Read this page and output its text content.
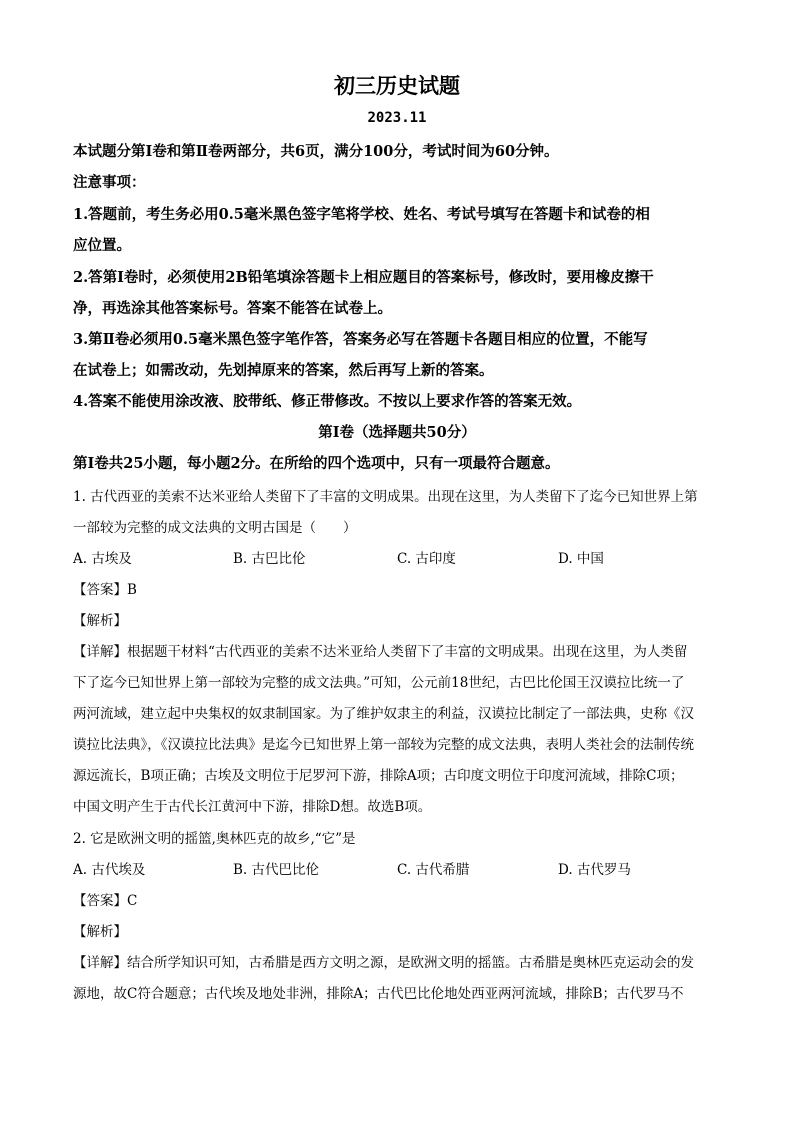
初三历史试题
2023.11
本试题分第Ⅰ卷和第Ⅱ卷两部分，共6页，满分100分，考试时间为60分钟。
注意事项：
1.答题前，考生务必用0.5毫米黑色签字笔将学校、姓名、考试号填写在答题卡和试卷的相
应位置。
2.答第Ⅰ卷时，必须使用2B铅笔填涂答题卡上相应题目的答案标号，修改时，要用橡皮擦干
净，再选涂其他答案标号。答案不能答在试卷上。
3.第Ⅱ卷必须用0.5毫米黑色签字笔作答，答案务必写在答题卡各题目相应的位置，不能写
在试卷上；如需改动，先划掉原来的答案，然后再写上新的答案。
4.答案不能使用涂改液、胶带纸、修正带修改。不按以上要求作答的答案无效。
第Ⅰ卷（选择题共50分）
第Ⅰ卷共25小题，每小题2分。在所给的四个选项中，只有一项最符合题意。
1. 古代西亚的美索不达米亚给人类留下了丰富的文明成果。出现在这里，为人类留下了迄今已知世界上第
一部较为完整的成文法典的文明古国是（　　）
A. 古埃及	B. 古巴比伦	C. 古印度	D. 中国
【答案】B
【解析】
【详解】根据题干材料“古代西亚的美索不达米亚给人类留下了丰富的文明成果。出现在这里，为人类留
下了迄今已知世界上第一部较为完整的成文法典。”可知，公元前18世纪，古巴比伦国王汉谟拉比统一了
两河流域，建立起中央集权的奴隶制国家。为了维护奴隶主的利益，汉谟拉比制定了一部法典，史称《汉
谟拉比法典》，《汉谟拉比法典》是迄今已知世界上第一部较为完整的成文法典，表明人类社会的法制传统
源远流长，B项正确；古埃及文明位于尼罗河下游，排除A项；古印度文明位于印度河流域，排除C项；
中国文明产生于古代长江黄河中下游，排除D想。故选B项。
2. 它是欧洲文明的摇篮,奥林匹克的故乡,“它”是
A. 古代埃及	B. 古代巴比伦	C. 古代希腊	D. 古代罗马
【答案】C
【解析】
【详解】结合所学知识可知，古希腊是西方文明之源，是欧洲文明的摇篮。古希腊是奥林匹克运动会的发
源地，故C符合题意；古代埃及地处非洲，排除A；古代巴比伦地处西亚两河流域，排除B；古代罗马不
